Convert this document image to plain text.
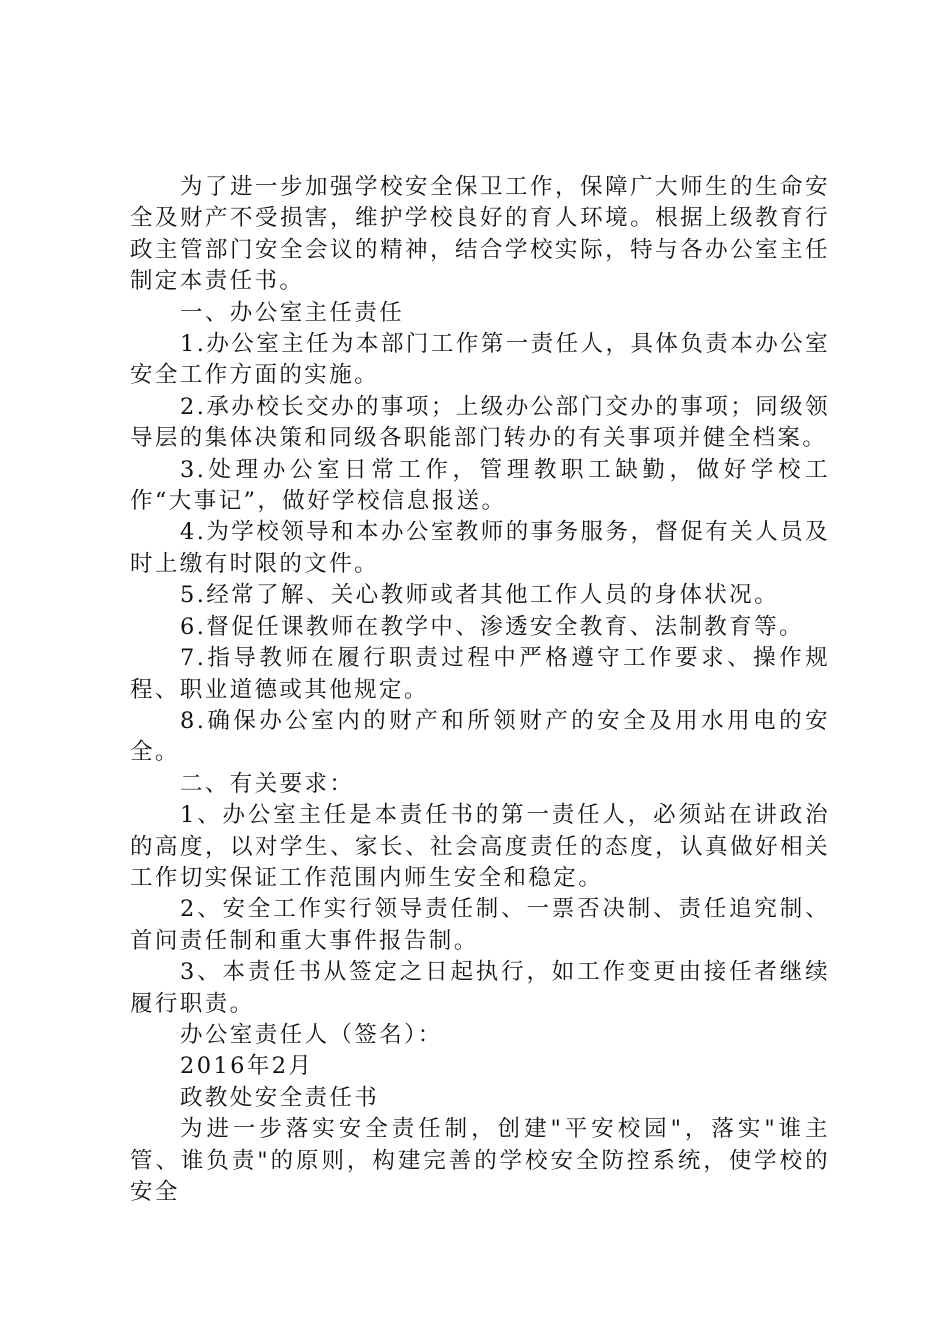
为了进一步加强学校安全保卫工作，保障广大师生的生命安全及财产不受损害，维护学校良好的育人环境。根据上级教育行政主管部门安全会议的精神，结合学校实际，特与各办公室主任制定本责任书。

一、办公室主任责任

1.办公室主任为本部门工作第一责任人，具体负责本办公室安全工作方面的实施。

2.承办校长交办的事项；上级办公部门交办的事项；同级领导层的集体决策和同级各职能部门转办的有关事项并健全档案。

3.处理办公室日常工作，管理教职工缺勤，做好学校工作“大事记”，做好学校信息报送。

4.为学校领导和本办公室教师的事务服务，督促有关人员及时上缴有时限的文件。

5.经常了解、关心教师或者其他工作人员的身体状况。

6.督促任课教师在教学中、渗透安全教育、法制教育等。

7.指导教师在履行职责过程中严格遵守工作要求、操作规程、职业道德或其他规定。

8.确保办公室内的财产和所领财产的安全及用水用电的安全。

二、有关要求：

1、办公室主任是本责任书的第一责任人，必须站在讲政治的高度，以对学生、家长、社会高度责任的态度，认真做好相关工作切实保证工作范围内师生安全和稳定。

2、安全工作实行领导责任制、一票否决制、责任追究制、首问责任制和重大事件报告制。

3、本责任书从签定之日起执行，如工作变更由接任者继续履行职责。

办公室责任人（签名）：

2016年2月

政教处安全责任书

为进一步落实安全责任制，创建"平安校园"，落实"谁主管、谁负责"的原则，构建完善的学校安全防控系统，使学校的安全
